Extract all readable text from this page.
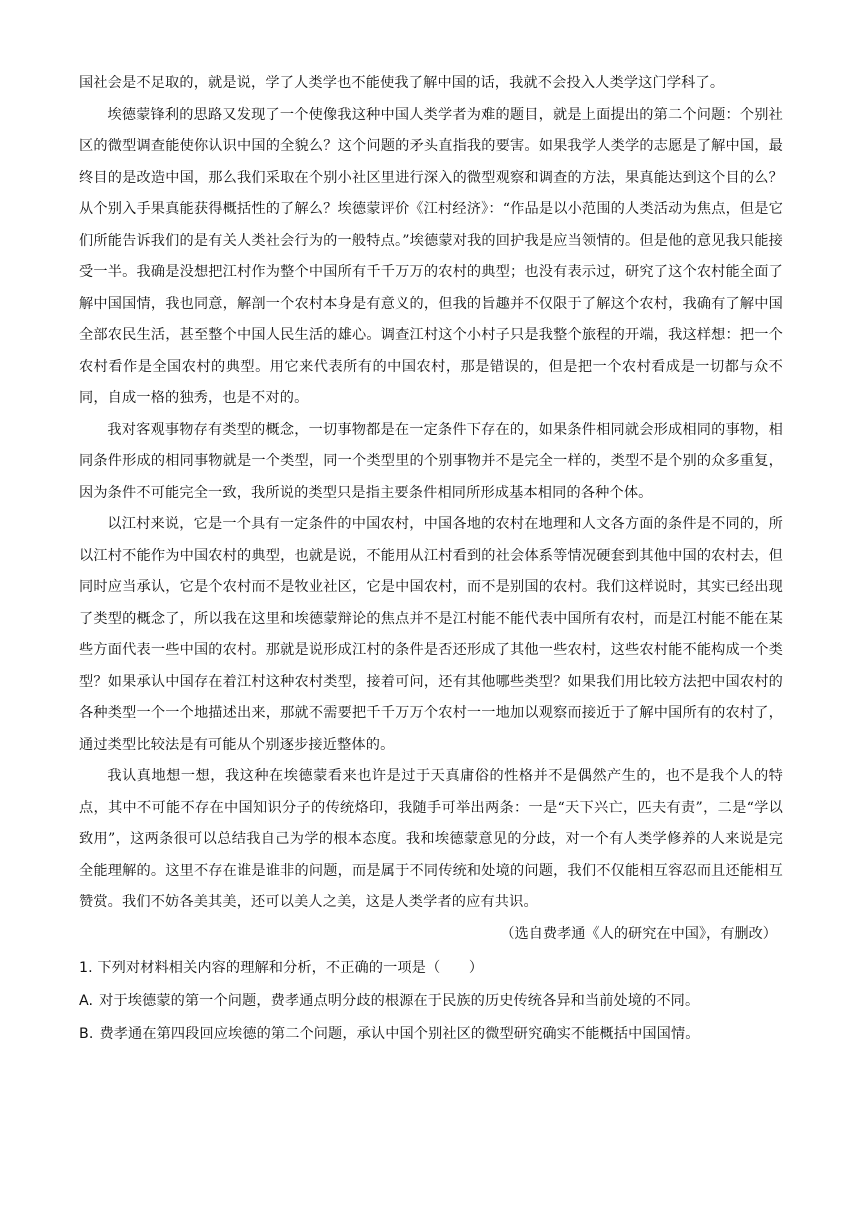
国社会是不足取的，就是说，学了人类学也不能使我了解中国的话，我就不会投入人类学这门学科了。

埃德蒙锋利的思路又发现了一个使像我这种中国人类学者为难的题目，就是上面提出的第二个问题：个别社区的微型调查能使你认识中国的全貌么？这个问题的矛头直指我的要害。如果我学人类学的志愿是了解中国，最终目的是改造中国，那么我们采取在个别小社区里进行深入的微型观察和调查的方法，果真能达到这个目的么？从个别入手果真能获得概括性的了解么？埃德蒙评价《江村经济》：“作品是以小范围的人类活动为焦点，但是它们所能告诉我们的是有关人类社会行为的一般特点。”埃德蒙对我的回护我是应当领情的。但是他的意见我只能接受一半。我确是没想把江村作为整个中国所有千千万万的农村的典型；也没有表示过，研究了这个农村能全面了解中国国情，我也同意，解剖一个农村本身是有意义的，但我的旨趣并不仅限于了解这个农村，我确有了解中国全部农民生活，甚至整个中国人民生活的雄心。调查江村这个小村子只是我整个旅程的开端，我这样想：把一个农村看作是全国农村的典型。用它来代表所有的中国农村，那是错误的，但是把一个农村看成是一切都与众不同，自成一格的独秀，也是不对的。

我对客观事物存有类型的概念，一切事物都是在一定条件下存在的，如果条件相同就会形成相同的事物，相同条件形成的相同事物就是一个类型，同一个类型里的个别事物并不是完全一样的，类型不是个别的众多重复，因为条件不可能完全一致，我所说的类型只是指主要条件相同所形成基本相同的各种个体。

以江村来说，它是一个具有一定条件的中国农村，中国各地的农村在地理和人文各方面的条件是不同的，所以江村不能作为中国农村的典型，也就是说，不能用从江村看到的社会体系等情况硬套到其他中国的农村去，但同时应当承认，它是个农村而不是牧业社区，它是中国农村，而不是别国的农村。我们这样说时，其实已经出现了类型的概念了，所以我在这里和埃德蒙辩论的焦点并不是江村能不能代表中国所有农村，而是江村能不能在某些方面代表一些中国的农村。那就是说形成江村的条件是否还形成了其他一些农村，这些农村能不能构成一个类型？如果承认中国存在着江村这种农村类型，接着可问，还有其他哪些类型？如果我们用比较方法把中国农村的各种类型一个一个地描述出来，那就不需要把千千万万个农村一一地加以观察而接近于了解中国所有的农村了，通过类型比较法是有可能从个别逐步接近整体的。

我认真地想一想，我这种在埃德蒙看来也许是过于天真庸俗的性格并不是偶然产生的，也不是我个人的特点，其中不可能不存在中国知识分子的传统烙印，我随手可举出两条：一是“天下兴亡，匹夫有责”，二是“学以致用”，这两条很可以总结我自己为学的根本态度。我和埃德蒙意见的分歧，对一个有人类学修养的人来说是完全能理解的。这里不存在谁是谁非的问题，而是属于不同传统和处境的问题，我们不仅能相互容忍而且还能相互赞赏。我们不妨各美其美，还可以美人之美，这是人类学者的应有共识。

（选自费孝通《人的研究在中国》，有删改）

1. 下列对材料相关内容的理解和分析，不正确的一项是（　　）

A. 对于埃德蒙的第一个问题，费孝通点明分歧的根源在于民族的历史传统各异和当前处境的不同。

B. 费孝通在第四段回应埃德的第二个问题，承认中国个别社区的微型研究确实不能概括中国国情。
